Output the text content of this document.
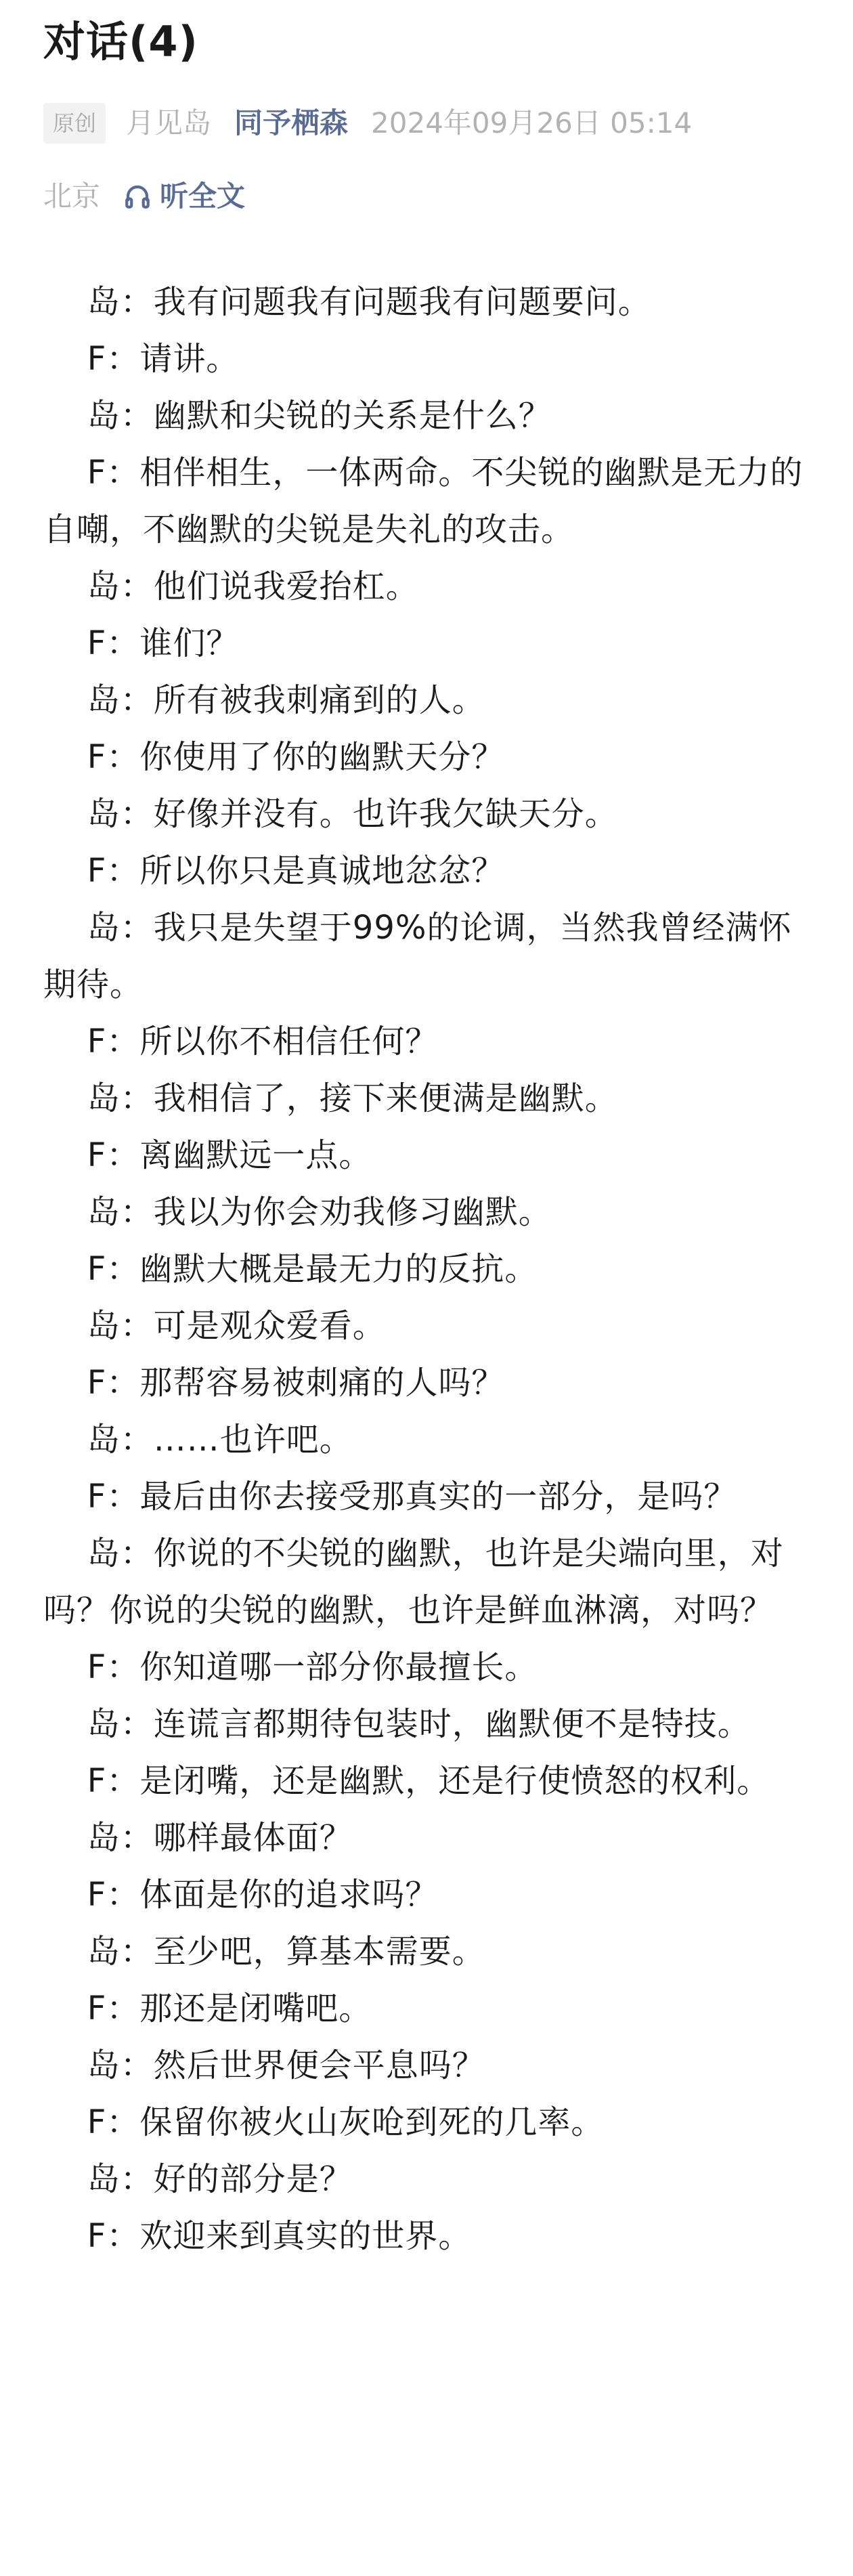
对话(4)
原创	月见岛 同予栖森 2024年09月26日 05:14
北京 听全文

岛：我有问题我有问题我有问题要问。

F：请讲。

岛：幽默和尖锐的关系是什么？

F：相伴相生，一体两命。不尖锐的幽默是无力的自嘲，不幽默的尖锐是失礼的攻击。

岛：他们说我爱抬杠。

F：谁们？

岛：所有被我刺痛到的人。

F：你使用了你的幽默天分？

岛：好像并没有。也许我欠缺天分。

F：所以你只是真诚地忿忿？

岛：我只是失望于99%的论调，当然我曾经满怀期待。

F：所以你不相信任何？

岛：我相信了，接下来便满是幽默。

F：离幽默远一点。

岛：我以为你会劝我修习幽默。

F：幽默大概是最无力的反抗。

岛：可是观众爱看。

F：那帮容易被刺痛的人吗？

岛：……也许吧。

F：最后由你去接受那真实的一部分，是吗？

岛：你说的不尖锐的幽默，也许是尖端向里，对吗？你说的尖锐的幽默，也许是鲜血淋漓，对吗？

F：你知道哪一部分你最擅长。

岛：连谎言都期待包装时，幽默便不是特技。

F：是闭嘴，还是幽默，还是行使愤怒的权利。

岛：哪样最体面？

F：体面是你的追求吗？

岛：至少吧，算基本需要。

F：那还是闭嘴吧。

岛：然后世界便会平息吗？

F：保留你被火山灰呛到死的几率。

岛：好的部分是？

F：欢迎来到真实的世界。
